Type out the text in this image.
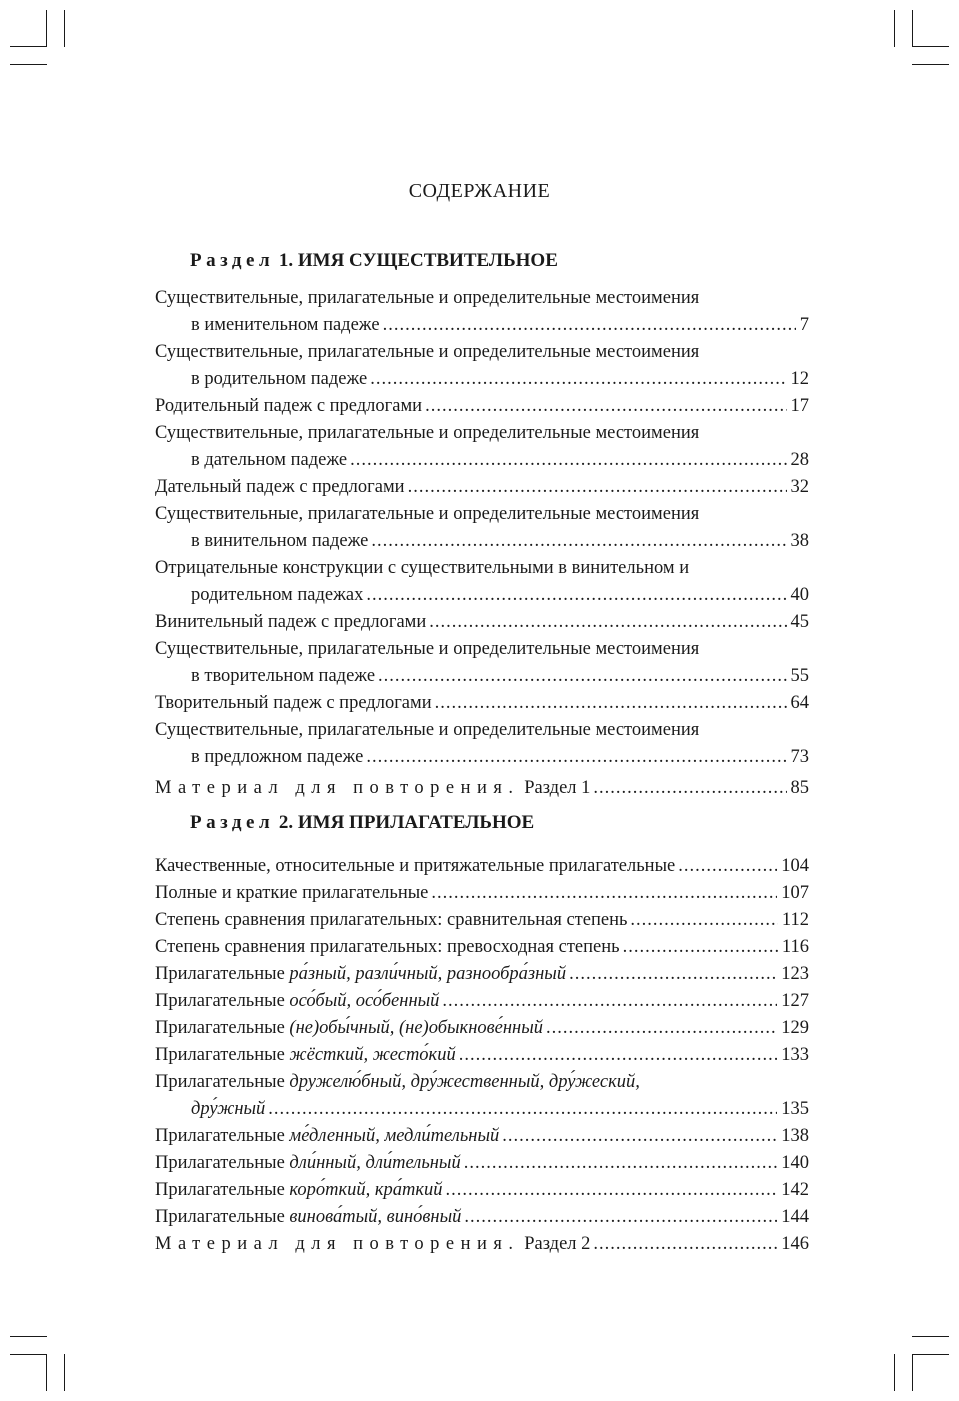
СОДЕРЖАНИЕ
Раздел 1. ИМЯ СУЩЕСТВИТЕЛЬНОЕ
Существительные, прилагательные и определительные местоимения
в именительном падеже .....	7
Существительные, прилагательные и определительные местоимения
в родительном падеже .....	12
Родительный падеж с предлогами .....	17
Существительные, прилагательные и определительные местоимения
в дательном падеже .....	28
Дательный падеж с предлогами .....	32
Существительные, прилагательные и определительные местоимения
в винительном падеже .....	38
Отрицательные конструкции с существительными в винительном и
родительном падежах .....	40
Винительный падеж с предлогами .....	45
Существительные, прилагательные и определительные местоимения
в творительном падеже .....	55
Творительный падеж с предлогами .....	64
Существительные, прилагательные и определительные местоимения
в предложном падеже .....	73
Материал для повторения. Раздел 1 .....	85
Раздел 2. ИМЯ ПРИЛАГАТЕЛЬНОЕ
Качественные, относительные и притяжательные прилагательные .....	104
Полные и краткие прилагательные .....	107
Степень сравнения прилагательных: сравнительная степень .....	112
Степень сравнения прилагательных: превосходная степень .....	116
Прилагательные ра́зный, разли́чный, разнообра́зный .....	123
Прилагательные осо́бый, осо́бенный .....	127
Прилагательные (не)обы́чный, (не)обыкнове́нный .....	129
Прилагательные жёсткий, жесто́кий .....	133
Прилагательные дружелю́бный, дру́жественный, дру́жеский,
дру́жный .....	135
Прилагательные ме́дленный, медли́тельный .....	138
Прилагательные дли́нный, дли́тельный .....	140
Прилагательные коро́ткий, кра́ткий .....	142
Прилагательные винова́тый, вино́вный .....	144
Материал для повторения. Раздел 2 .....	146
